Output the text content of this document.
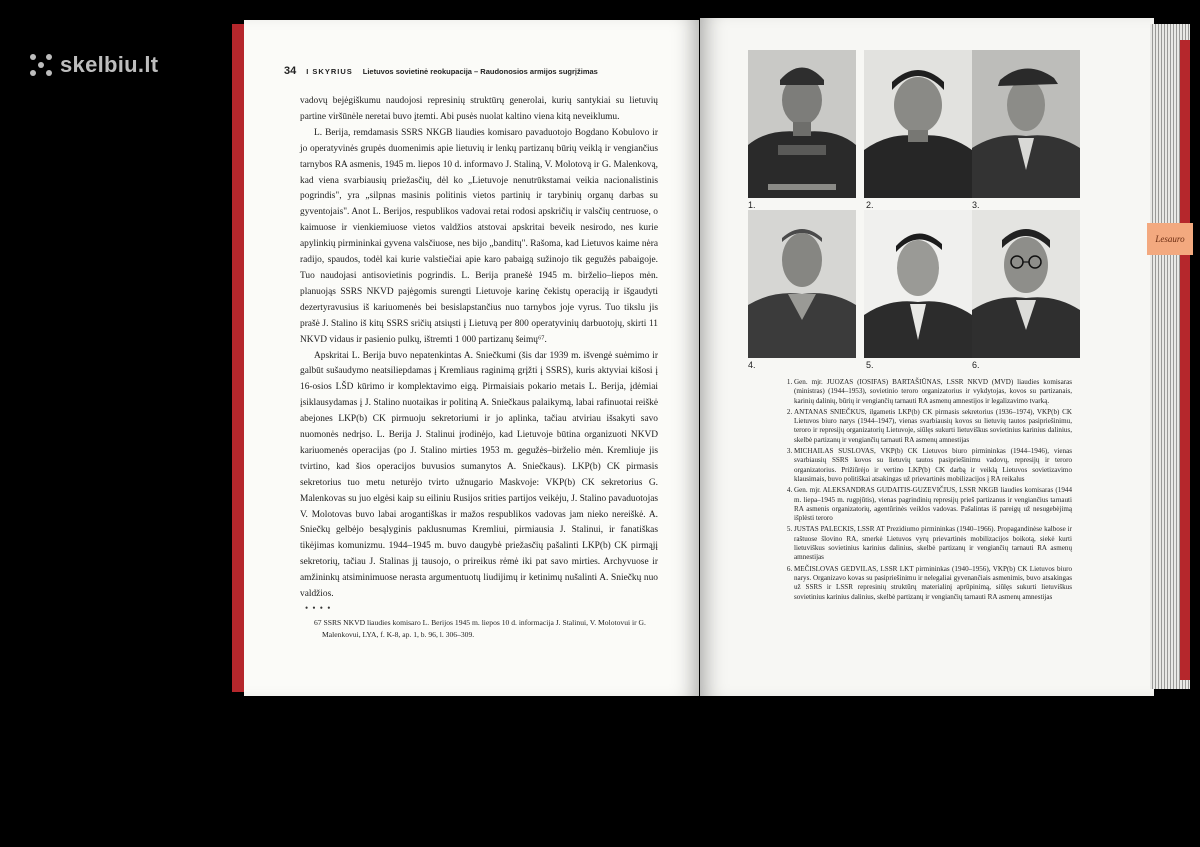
skelbiu.lt
Lesauro
34 I SKYRIUS Lietuvos sovietinė reokupacija – Raudonosios armijos sugrįžimas

vadovų bejėgiškumu naudojosi represinių struktūrų generolai, kurių santykiai su lietuvių partine viršūnėle neretai buvo įtemti. Abi pusės nuolat kaltino viena kitą neveiklumu.

L. Berija, remdamasis SSRS NKGB liaudies komisaro pavaduotojo Bogdano Kobulovo ir jo operatyvinės grupės duomenimis apie lietuvių ir lenkų partizanų būrių veiklą ir vengiančius tarnybos RA asmenis, 1945 m. liepos 10 d. informavo J. Staliną, V. Molotovą ir G. Malenkovą, kad viena svarbiausių priežasčių, dėl ko „Lietuvoje nenutrūkstamai veikia nacionalistinis pogrindis", yra „silpnas masinis politinis vietos partinių ir tarybinių organų darbas su gyventojais". Anot L. Berijos, respublikos vadovai retai rodosi apskričių ir valsčių centruose, o kaimuose ir vienkiemiuose vietos valdžios atstovai apskritai beveik nesirodo, nes kurie apylinkių pirmininkai gyvena valsčiuose, nes bijo „banditų". Rašoma, kad Lietuvos kaime nėra radijo, spaudos, todėl kai kurie valstiečiai apie karo pabaigą sužinojo tik gegužės pabaigoje. Tuo naudojasi antisovietinis pogrindis. L. Berija pranešė 1945 m. birželio–liepos mėn. planuojąs SSRS NKVD pajėgomis surengti Lietuvoje karinę čekistų operaciją ir išgaudyti dezertyravusius iš kariuomenės bei besislapstančius nuo tarnybos joje vyrus. Tuo tikslu jis prašė J. Stalino iš kitų SSRS sričių atsiųsti į Lietuvą per 800 operatyvinių darbuotojų, skirti 11 NKVD vidaus ir pasienio pulkų, ištremti 1 000 partizanų šeimų⁶⁷.

Apskritai L. Berija buvo nepatenkintas A. Sniečkumi (šis dar 1939 m. išvengė suėmimo ir galbūt sušaudymo neatsiliepdamas į Kremliaus raginimą grįžti į SSRS), kuris aktyviai kišosi į 16-osios LŠD kūrimo ir komplektavimo eigą. Pirmaisiais pokario metais L. Berija, įdėmiai įsiklausydamas į J. Stalino nuotaikas ir politiną A. Sniečkaus palaikymą, labai rafinuotai reiškė abejones LKP(b) CK pirmuoju sekretoriumi ir jo aplinka, tačiau atviriau išsakyti savo nuomonės nedrįso. L. Berija J. Stalinui įrodinėjo, kad Lietuvoje būtina organizuoti NKVD kariuomenės operacijas (po J. Stalino mirties 1953 m. gegužės–birželio mėn. Kremliuje jis tvirtino, kad šios operacijos buvusios sumanytos A. Sniečkaus). LKP(b) CK pirmasis sekretorius tuo metu neturėjo tvirto užnugario Maskvoje: VKP(b) CK sekretorius G. Malenkovas su juo elgėsi kaip su eiliniu Rusijos srities partijos veikėju, J. Stalino pavaduotojas V. Molotovas buvo labai arogantiškas ir mažos respublikos vadovas jam nieko nereiškė. A. Sniečkų gelbėjo besąlyginis paklusnumas Kremliui, pirmiausia J. Stalinui, ir fanatiškas tikėjimas komunizmu. 1944–1945 m. buvo daugybė priežasčių pašalinti LKP(b) CK pirmąjį sekretorių, tačiau J. Stalinas jį tausojo, o prireikus rėmė iki pat savo mirties. Archyvuose ir amžininkų atsiminimuose nerasta argumentuotų liudijimų ir ketinimų nušalinti A. Sniečkų nuo valdžios.

• • • •
67 SSRS NKVD liaudies komisaro L. Berijos 1945 m. liepos 10 d. informacija J. Stalinui, V. Molotovui ir G. Malenkovui, LYA, f. K-8, ap. 1, b. 96, l. 306–309.
1.	2.	3.
4.	5.	6.
1. Gen. mjr. JUOZAS (IOSIFAS) BARTAŠIŪNAS, LSSR NKVD (MVD) liaudies komisaras (ministras) (1944–1953), sovietinio teroro organizatorius ir vykdytojas, kovos su partizanais, karinių dalinių, būrių ir vengiančių tarnauti RA asmenų amnestijos ir legalizavimo tvarką.
2. ANTANAS SNIEČKUS, ilgametis LKP(b) CK pirmasis sekretorius (1936–1974), VKP(b) CK Lietuvos biuro narys (1944–1947), vienas svarbiausių kovos su lietuvių tautos pasipriešinimu, teroro ir represijų organizatorių Lietuvoje, siūlęs sukurti lietuviškus sovietinius karinius dalinius, skelbė partizanų ir vengiančių tarnauti RA asmenų amnestijas
3. MICHAILAS SUSLOVAS, VKP(b) CK Lietuvos biuro pirmininkas (1944–1946), vienas svarbiausių SSRS kovos su lietuvių tautos pasipriešinimu vadovų, represijų ir teroro organizatorius. Prižiūrėjo ir vertino LKP(b) CK darbą ir veiklą Lietuvos sovietizavimo klausimais, buvo politiškai atsakingas už prievartinės mobilizacijos į RA reikalus
4. Gen. mjr. ALEKSANDRAS GUDAITIS-GUZEVIČIUS, LSSR NKGB liaudies komisaras (1944 m. liepa–1945 m. rugpjūtis), vienas pagrindinių represijų prieš partizanus ir vengiančius tarnauti RA asmenis organizatorių, agentūrinės veiklos vadovas. Pašalintas iš pareigų už nesugebėjimą išplėsti teroro
5. JUSTAS PALECKIS, LSSR AT Prezidiumo pirmininkas (1940–1966). Propagandinėse kalbose ir raštuose šlovino RA, smerkė Lietuvos vyrų prievartinės mobilizacijos boikotą, siekė kurti lietuviškus sovietinius karinius dalinius, skelbė partizanų ir vengiančių tarnauti RA asmenų amnestijas
6. MEČISLOVAS GEDVILAS, LSSR LKT pirmininkas (1940–1956), VKP(b) CK Lietuvos biuro narys. Organizavo kovas su pasipriešinimu ir nelegaliai gyvenančiais asmenimis, buvo atsakingas už SSRS ir LSSR represinių struktūrų materialinį aprūpinimą, siūlęs sukurti lietuviškus sovietinius karinius dalinius, skelbė partizanų ir vengiančių tarnauti RA asmenų amnestijas
